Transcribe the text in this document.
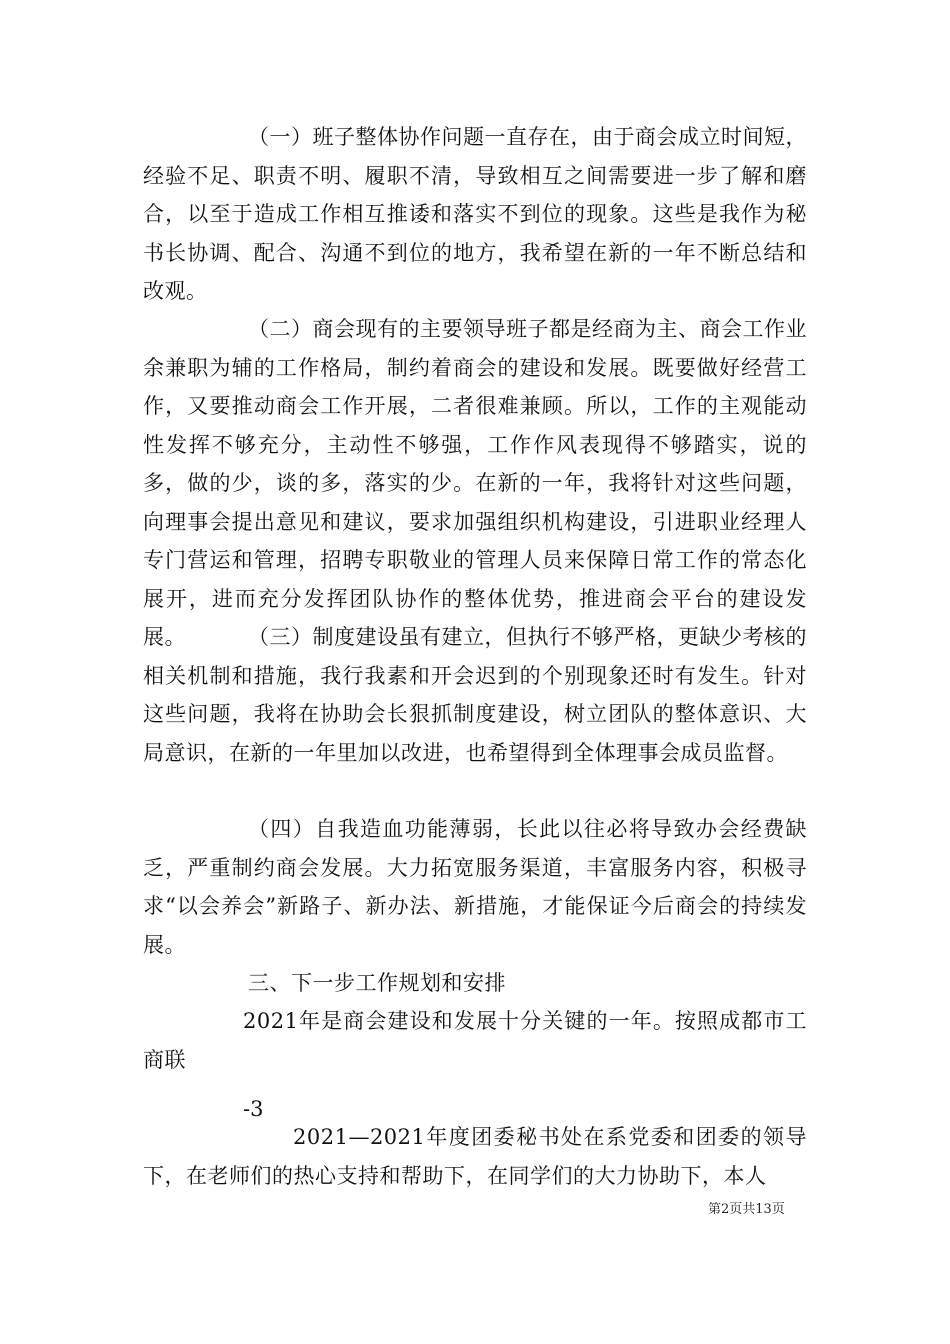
（一）班子整体协作问题一直存在，由于商会成立时间短，经验不足、职责不明、履职不清，导致相互之间需要进一步了解和磨合，以至于造成工作相互推诿和落实不到位的现象。这些是我作为秘书长协调、配合、沟通不到位的地方，我希望在新的一年不断总结和改观。

（二）商会现有的主要领导班子都是经商为主、商会工作业余兼职为辅的工作格局，制约着商会的建设和发展。既要做好经营工作，又要推动商会工作开展，二者很难兼顾。所以，工作的主观能动性发挥不够充分，主动性不够强，工作作风表现得不够踏实，说的多，做的少，谈的多，落实的少。在新的一年，我将针对这些问题，向理事会提出意见和建议，要求加强组织机构建设，引进职业经理人专门营运和管理，招聘专职敬业的管理人员来保障日常工作的常态化展开，进而充分发挥团队协作的整体优势，推进商会平台的建设发展。	（三）制度建设虽有建立，但执行不够严格，更缺少考核的相关机制和措施，我行我素和开会迟到的个别现象还时有发生。针对这些问题，我将在协助会长狠抓制度建设，树立团队的整体意识、大局意识，在新的一年里加以改进，也希望得到全体理事会成员监督。

（四）自我造血功能薄弱，长此以往必将导致办会经费缺乏，严重制约商会发展。大力拓宽服务渠道，丰富服务内容，积极寻求“以会养会”新路子、新办法、新措施，才能保证今后商会的持续发展。

三、下一步工作规划和安排

2021年是商会建设和发展十分关键的一年。按照成都市工商联

-3

2021—2021年度团委秘书处在系党委和团委的领导下，在老师们的热心支持和帮助下，在同学们的大力协助下，本人

第2页共13页
